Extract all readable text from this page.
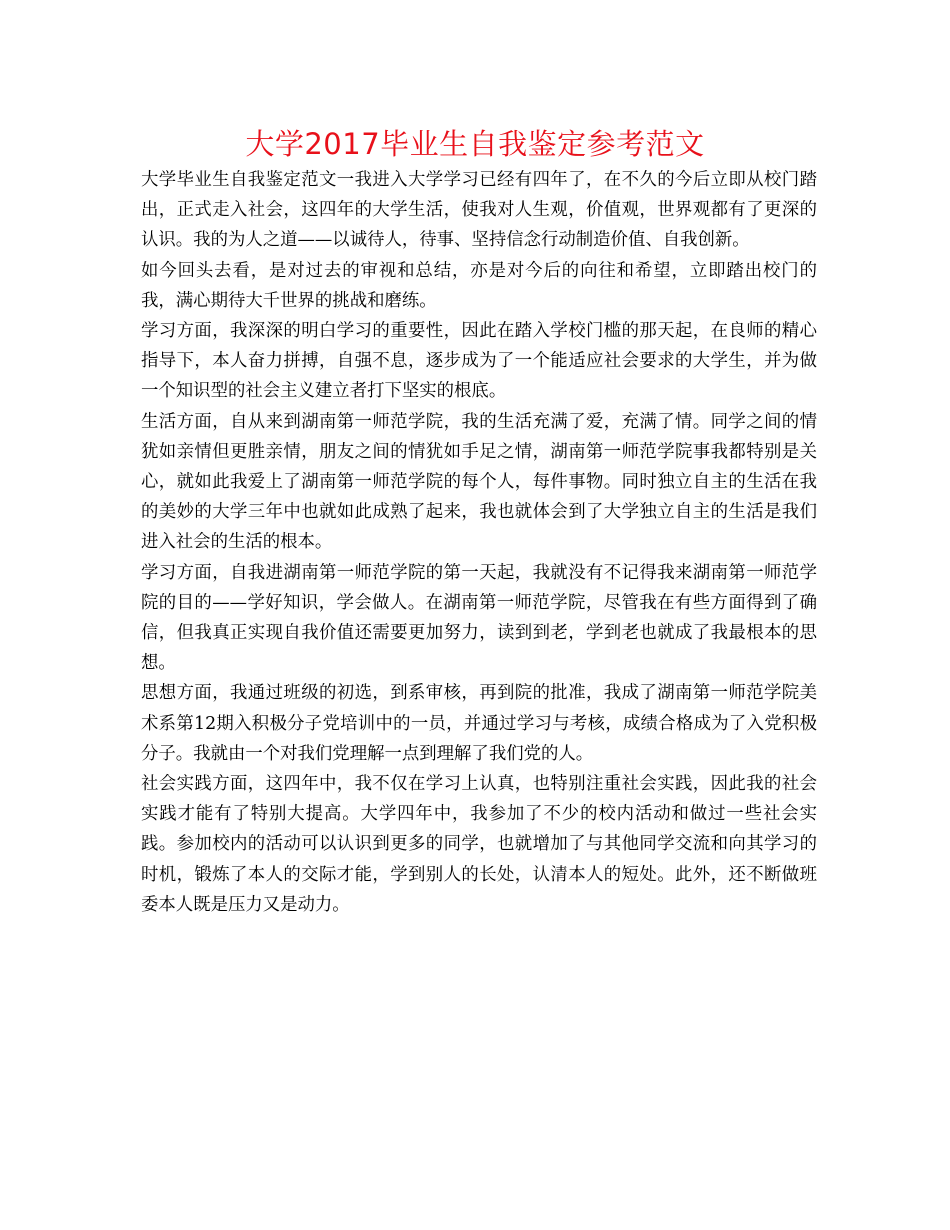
大学2017毕业生自我鉴定参考范文

大学毕业生自我鉴定范文一我进入大学学习已经有四年了，在不久的今后立即从校门踏出，正式走入社会，这四年的大学生活，使我对人生观，价值观，世界观都有了更深的认识。我的为人之道——以诚待人，待事、坚持信念行动制造价值、自我创新。

如今回头去看，是对过去的审视和总结，亦是对今后的向往和希望，立即踏出校门的我，满心期待大千世界的挑战和磨练。

学习方面，我深深的明白学习的重要性，因此在踏入学校门槛的那天起，在良师的精心指导下，本人奋力拼搏，自强不息，逐步成为了一个能适应社会要求的大学生，并为做一个知识型的社会主义建立者打下坚实的根底。

生活方面，自从来到湖南第一师范学院，我的生活充满了爱，充满了情。同学之间的情犹如亲情但更胜亲情，朋友之间的情犹如手足之情，湖南第一师范学院事我都特别是关心，就如此我爱上了湖南第一师范学院的每个人，每件事物。同时独立自主的生活在我的美妙的大学三年中也就如此成熟了起来，我也就体会到了大学独立自主的生活是我们进入社会的生活的根本。

学习方面，自我进湖南第一师范学院的第一天起，我就没有不记得我来湖南第一师范学院的目的——学好知识，学会做人。在湖南第一师范学院，尽管我在有些方面得到了确信，但我真正实现自我价值还需要更加努力，读到到老，学到老也就成了我最根本的思想。

思想方面，我通过班级的初选，到系审核，再到院的批准，我成了湖南第一师范学院美术系第12期入积极分子党培训中的一员，并通过学习与考核，成绩合格成为了入党积极分子。我就由一个对我们党理解一点到理解了我们党的人。

社会实践方面，这四年中，我不仅在学习上认真，也特别注重社会实践，因此我的社会实践才能有了特别大提高。大学四年中，我参加了不少的校内活动和做过一些社会实践。参加校内的活动可以认识到更多的同学，也就增加了与其他同学交流和向其学习的时机，锻炼了本人的交际才能，学到别人的长处，认清本人的短处。此外，还不断做班委本人既是压力又是动力。
